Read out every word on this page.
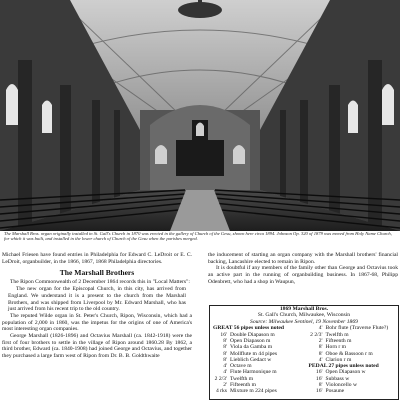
The Marshall Bros. organ originally installed in St. Gall's Church in 1870 was erected in the gallery of Church of the Gesu, shown here circa 1894. Johnson Op. 320 of 1879 was moved from Holy Name Church, for which it was built, and installed in the lower church of Church of the Gesu when the parishes merged.

Michael Friesen have found entries in Philadelphia for Edward C. LeDroit or E. C. LeDroit, organbuilder, in the 1866, 1867, 1868 Philadelphia directories.

The Marshall Brothers

The Ripon Commonwealth of 2 December 1864 records this in "Local Matters":

The new organ for the Episcopal Church, in this city, has arrived from England. We understand it is a present to the church from the Marshall Brothers, and was shipped from Liverpool by Mr. Edward Marshall, who has just arrived from his recent trip to the old country.

The reputed Wilde organ in St. Peter's Church, Ripon, Wisconsin, which had a population of 2,000 in 1860, was the impetus for the origins of one of America's most interesting organ companies.

George Marshall (1826-1896) and Octavius Marshall (ca. 1842-1918) were the first of four brothers to settle in the village of Ripon around 1860.28 By 1862, a third brother, Edward (ca. 1840-1908) had joined George and Octavius, and together they purchased a large farm west of Ripon from Dr. B. B. Goldthwaite

the inducement of starting an organ company with the Marshall brothers' financial backing, Lancashire elected to remain in Ripon.

It is doubtful if any members of the family other than George and Octavius took an active part in the running of organbuilding business. In 1867-68, Philipp Odenbrett, who had a shop in Waupun,

1869 Marshall Bros.
St. Gall's Church, Milwaukee, Wisconsin
Source: Milwaukee Sentinel, 19 November 1869
GREAT 56 pipes unless noted
16' Double Diapason m
8' Open Diapason m
8' Viola da Gamba m
8' Mollflute m 44 pipes
8' Lieblich Gedact w
4' Octave m
4' Flute Harmonique m
2 2/3' Twelfth m
2' Fifteenth m
4 rks Mixture m 224 pipes
4' Bohr flute (Traverse Flute?)
2 2/3' Twelfth m
2' Fifteenth m
8' Horn r m
8' Oboe & Bassoon r m
4' Clarion r m
PEDAL 27 pipes unless noted
16' Open Diapason w
16' Subbass w
8' Violoncello w
16' Posaune
